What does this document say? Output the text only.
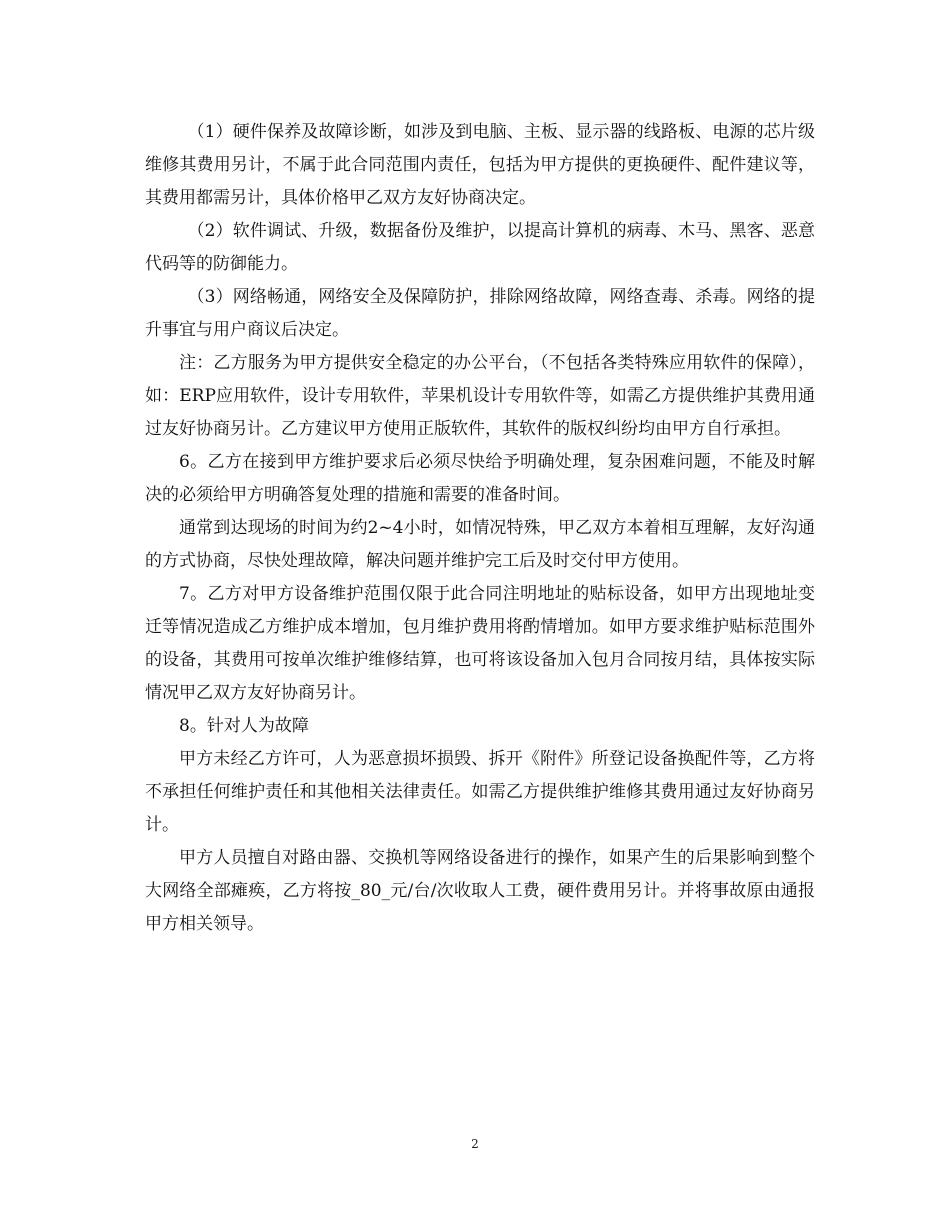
（1）硬件保养及故障诊断，如涉及到电脑、主板、显示器的线路板、电源的芯片级维修其费用另计，不属于此合同范围内责任，包括为甲方提供的更换硬件、配件建议等，其费用都需另计，具体价格甲乙双方友好协商决定。

（2）软件调试、升级，数据备份及维护，以提高计算机的病毒、木马、黑客、恶意代码等的防御能力。

（3）网络畅通，网络安全及保障防护，排除网络故障，网络查毒、杀毒。网络的提升事宜与用户商议后决定。

注：乙方服务为甲方提供安全稳定的办公平台，（不包括各类特殊应用软件的保障），如：ERP应用软件，设计专用软件，苹果机设计专用软件等，如需乙方提供维护其费用通过友好协商另计。乙方建议甲方使用正版软件，其软件的版权纠纷均由甲方自行承担。

6。乙方在接到甲方维护要求后必须尽快给予明确处理，复杂困难问题，不能及时解决的必须给甲方明确答复处理的措施和需要的准备时间。

通常到达现场的时间为约2~4小时，如情况特殊，甲乙双方本着相互理解，友好沟通的方式协商，尽快处理故障，解决问题并维护完工后及时交付甲方使用。

7。乙方对甲方设备维护范围仅限于此合同注明地址的贴标设备，如甲方出现地址变迁等情况造成乙方维护成本增加，包月维护费用将酌情增加。如甲方要求维护贴标范围外的设备，其费用可按单次维护维修结算，也可将该设备加入包月合同按月结，具体按实际情况甲乙双方友好协商另计。

8。针对人为故障

甲方未经乙方许可，人为恶意损坏损毁、拆开《附件》所登记设备换配件等，乙方将不承担任何维护责任和其他相关法律责任。如需乙方提供维护维修其费用通过友好协商另计。

甲方人员擅自对路由器、交换机等网络设备进行的操作，如果产生的后果影响到整个大网络全部瘫痪，乙方将按_80_元/台/次收取人工费，硬件费用另计。并将事故原由通报甲方相关领导。

2
